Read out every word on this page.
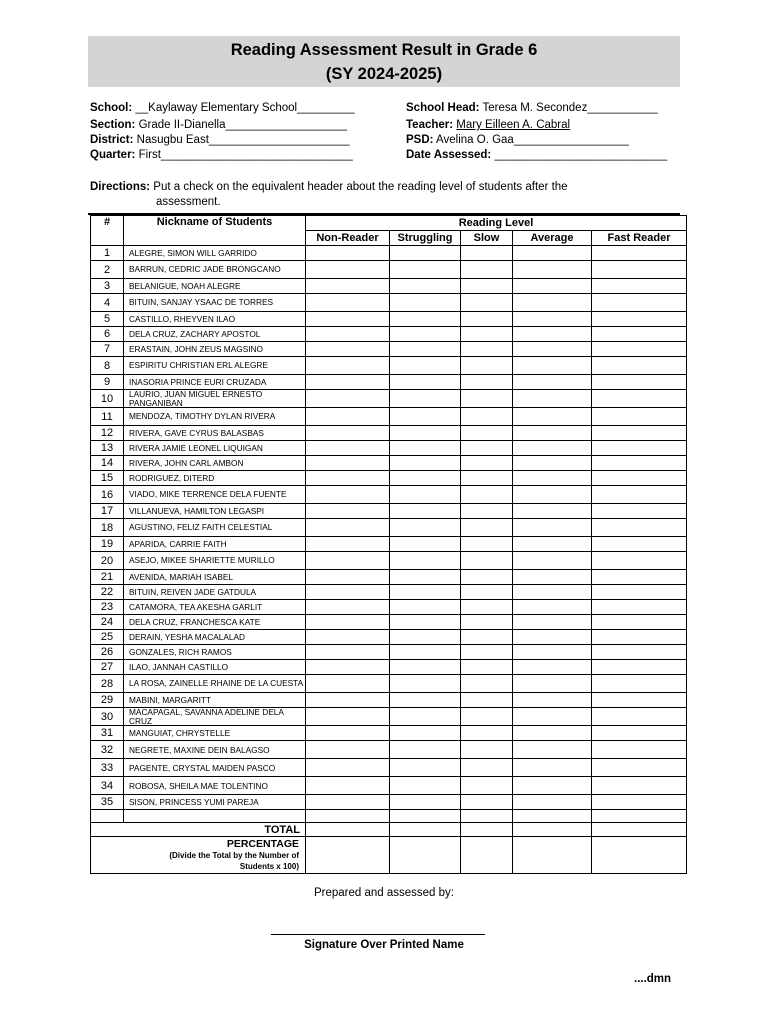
Reading Assessment Result in Grade 6
(SY 2024-2025)
School: __Kaylaway Elementary School_________
Section: Grade II-Dianella___________________
District: Nasugbu East______________________
Quarter: First______________________________
School Head: Teresa M. Secondez___________
Teacher: Mary Eilleen A. Cabral
PSD: Avelina O. Gaa__________________
Date Assessed: ___________________________
Directions: Put a check on the equivalent header about the reading level of students after the
assessment.
#	Nickname of Students	Reading Level				
		Non-Reader	Struggling	Slow	Average	Fast Reader
1	ALEGRE, SIMON WILL GARRIDO					
2	BARRUN, CEDRIC JADE BRONGCANO					
3	BELANIGUE, NOAH ALEGRE					
4	BITUIN, SANJAY YSAAC DE TORRES					
5	CASTILLO, RHEYVEN ILAO					
6	DELA CRUZ, ZACHARY APOSTOL					
7	ERASTAIN, JOHN ZEUS MAGSINO					
8	ESPIRITU CHRISTIAN ERL ALEGRE					
9	INASORIA PRINCE EURI CRUZADA					
10	LAURIO, JUAN MIGUEL ERNESTO PANGANIBAN					
11	MENDOZA, TIMOTHY DYLAN RIVERA					
12	RIVERA, GAVE CYRUS BALASBAS					
13	RIVERA JAMIE LEONEL LIQUIGAN					
14	RIVERA, JOHN CARL AMBON					
15	RODRIGUEZ, DITERD					
16	VIADO, MIKE TERRENCE DELA FUENTE					
17	VILLANUEVA, HAMILTON LEGASPI					
18	AGUSTINO, FELIZ FAITH CELESTIAL					
19	APARIDA, CARRIE FAITH					
20	ASEJO, MIKEE SHARIETTE MURILLO					
21	AVENIDA, MARIAH ISABEL					
22	BITUIN, REIVEN JADE GATDULA					
23	CATAMORA, TEA AKESHA GARLIT					
24	DELA CRUZ, FRANCHESCA KATE					
25	DERAIN, YESHA MACALALAD					
26	GONZALES, RICH RAMOS					
27	ILAO, JANNAH CASTILLO					
28	LA ROSA, ZAINELLE RHAINE DE LA CUESTA					
29	MABINI, MARGARITT					
30	MACAPAGAL, SAVANNA ADELINE DELA CRUZ					
31	MANGUIAT, CHRYSTELLE					
32	NEGRETE, MAXINE DEIN BALAGSO					
33	PAGENTE, CRYSTAL MAIDEN PASCO					
34	ROBOSA, SHEILA MAE TOLENTINO					
35	SISON, PRINCESS YUMI PAREJA					

TOTAL						

PERCENTAGE
(Divide the Total by the Number of
Students x 100)						

Prepared and assessed by:
Signature Over Printed Name
....dmn
